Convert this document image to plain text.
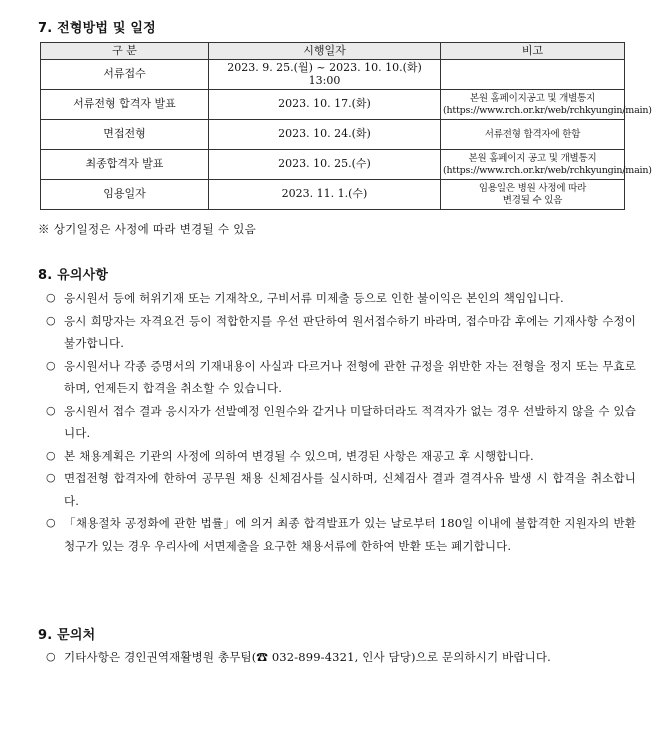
7. 전형방법 및 일정
구 분	시행일자	비고
서류접수	2023. 9. 25.(월) ~ 2023. 10. 10.(화) 13:00	
서류전형 합격자 발표	2023. 10. 17.(화)	본원 홈페이지공고 및 개별통지
(https://www.rch.or.kr/web/rchkyungin/main)

면접전형	2023. 10. 24.(화)	서류전형 합격자에 한함

최종합격자 발표	2023. 10. 25.(수)	본원 홈페이지 공고 및 개별통지
(https://www.rch.or.kr/web/rchkyungin/main)

임용일자	2023. 11. 1.(수)	임용일은 병원 사정에 따라
변경될 수 있음
※ 상기일정은 사정에 따라 변경될 수 있음
8. 유의사항
○ 응시원서 등에 허위기재 또는 기재착오, 구비서류 미제출 등으로 인한 불이익은 본인의 책임입니다.
○ 응시 희망자는 자격요건 등이 적합한지를 우선 판단하여 원서접수하기 바라며, 접수마감 후에는 기재사항 수정이 불가합니다.
○ 응시원서나 각종 증명서의 기재내용이 사실과 다르거나 전형에 관한 규정을 위반한 자는 전형을 정지 또는 무효로 하며, 언제든지 합격을 취소할 수 있습니다.
○ 응시원서 접수 결과 응시자가 선발예정 인원수와 같거나 미달하더라도 적격자가 없는 경우 선발하지 않을 수 있습니다.
○ 본 채용계획은 기관의 사정에 의하여 변경될 수 있으며, 변경된 사항은 재공고 후 시행합니다.
○ 면접전형 합격자에 한하여 공무원 채용 신체검사를 실시하며, 신체검사 결과 결격사유 발생 시 합격을 취소합니다.
○ 「채용절차 공정화에 관한 법률」에 의거 최종 합격발표가 있는 날로부터 180일 이내에 불합격한 지원자의 반환청구가 있는 경우 우리사에 서면제출을 요구한 채용서류에 한하여 반환 또는 폐기합니다.
9. 문의처
○ 기타사항은 경인권역재활병원 총무팀(☎ 032-899-4321, 인사 담당)으로 문의하시기 바랍니다.
